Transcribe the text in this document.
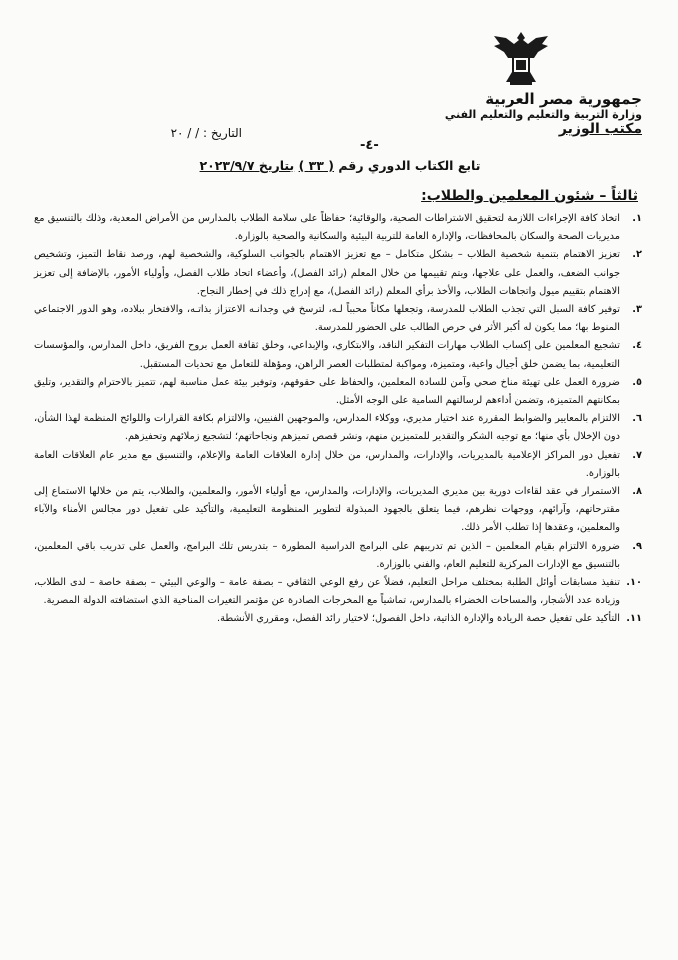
جمهورية مصر العربية
وزارة التربية والتعليم والتعليم الفني
مكتب الوزير
التاريخ : / / ٢٠
-٤-
تابع الكتاب الدوري رقم ( ٣٣ ) بتاريخ ٢٠٢٣/٩/٧
ثالثاً – شئون المعلمين والطلاب:
١.
اتخاذ كافة الإجراءات اللازمة لتحقيق الاشتراطات الصحية، والوقائية؛ حفاظاً على سلامة الطلاب بالمدارس من الأمراض المعدية، وذلك بالتنسيق مع مديريات الصحة والسكان بالمحافظات، والإدارة العامة للتربية البيئية والسكانية والصحية بالوزارة.
٢.
تعزيز الاهتمام بتنمية شخصية الطلاب – بشكل متكامل – مع تعزيز الاهتمام بالجوانب السلوكية، والشخصية لهم، ورصد نقاط التميز، وتشخيص جوانب الضعف، والعمل على علاجها، ويتم تقييمها من خلال المعلم (رائد الفصل)، وأعضاء اتحاد طلاب الفصل، وأولياء الأمور، بالإضافة إلى تعزيز الاهتمام بتقييم ميول واتجاهات الطلاب، والأخذ برأي المعلم (رائد الفصل)، مع إدراج ذلك في إخطار النجاح.
٣.
توفير كافة السبل التي تجذب الطلاب للمدرسة، وتجعلها مكاناً محبباً لـه، لترسخ في وجدانـه الاعتزاز بذاتـه، والافتخار ببلاده، وهو الدور الاجتماعي المنوط بها؛ مما يكون له أكبر الأثر في حرص الطالب على الحضور للمدرسة.
٤.
تشجيع المعلمين على إكساب الطلاب مهارات التفكير الناقد، والابتكاري، والإبداعي، وخلق ثقافة العمل بروح الفريق، داخل المدارس، والمؤسسات التعليمية، بما يضمن خلق أجيال واعية، ومتميزة، ومواكبة لمتطلبات العصر الراهن، ومؤهلة للتعامل مع تحديات المستقبل.
٥.
ضرورة العمل على تهيئة مناخ صحي وآمن للسادة المعلمين، والحفاظ على حقوقهم، وتوفير بيئة عمل مناسبة لهم، تتميز بالاحترام والتقدير، وتليق بمكانتهم المتميزة، وتضمن أداءهم لرسالتهم السامية على الوجه الأمثل.
٦.
الالتزام بالمعايير والضوابط المقررة عند اختيار مديري، ووكلاء المدارس، والموجهين الفنيين، والالتزام بكافة القرارات واللوائح المنظمة لهذا الشأن، دون الإخلال بأي منها؛ مع توجيه الشكر والتقدير للمتميزين منهم، ونشر قصص تميزهم ونجاحاتهم؛ لتشجيع زملائهم وتحفيزهم.
٧.
تفعيل دور المراكز الإعلامية بالمديريات، والإدارات، والمدارس، من خلال إدارة العلاقات العامة والإعلام، والتنسيق مع مدير عام العلاقات العامة بالوزارة.
٨.
الاستمرار في عقد لقاءات دورية بين مديري المديريات، والإدارات، والمدارس، مع أولياء الأمور، والمعلمين، والطلاب، يتم من خلالها الاستماع إلى مقترحاتهم، وآرائهم، ووجهات نظرهم، فيما يتعلق بالجهود المبذولة لتطوير المنظومة التعليمية، والتأكيد على تفعيل دور مجالس الأمناء والآباء والمعلمين، وعقدها إذا تطلب الأمر ذلك.
٩.
ضرورة الالتزام بقيام المعلمين – الذين تم تدريبهم على البرامج الدراسية المطورة – بتدريس تلك البرامج، والعمل على تدريب باقي المعلمين، بالتنسيق مع الإدارات المركزية للتعليم العام، والفني بالوزارة.
١٠.
تنفيذ مسابقات أوائل الطلبة بمختلف مراحل التعليم، فضلاً عن رفع الوعي الثقافي – بصفة عامة – والوعي البيئي – بصفة خاصة – لدى الطلاب، وزيادة عدد الأشجار، والمساحات الخضراء بالمدارس، تماشياً مع المخرجات الصادرة عن مؤتمر التغيرات المناخية الذي استضافته الدولة المصرية.
١١.
التأكيد على تفعيل حصة الريادة والإدارة الذاتية، داخل الفصول؛ لاختيار رائد الفصل، ومقرري الأنشطة.
